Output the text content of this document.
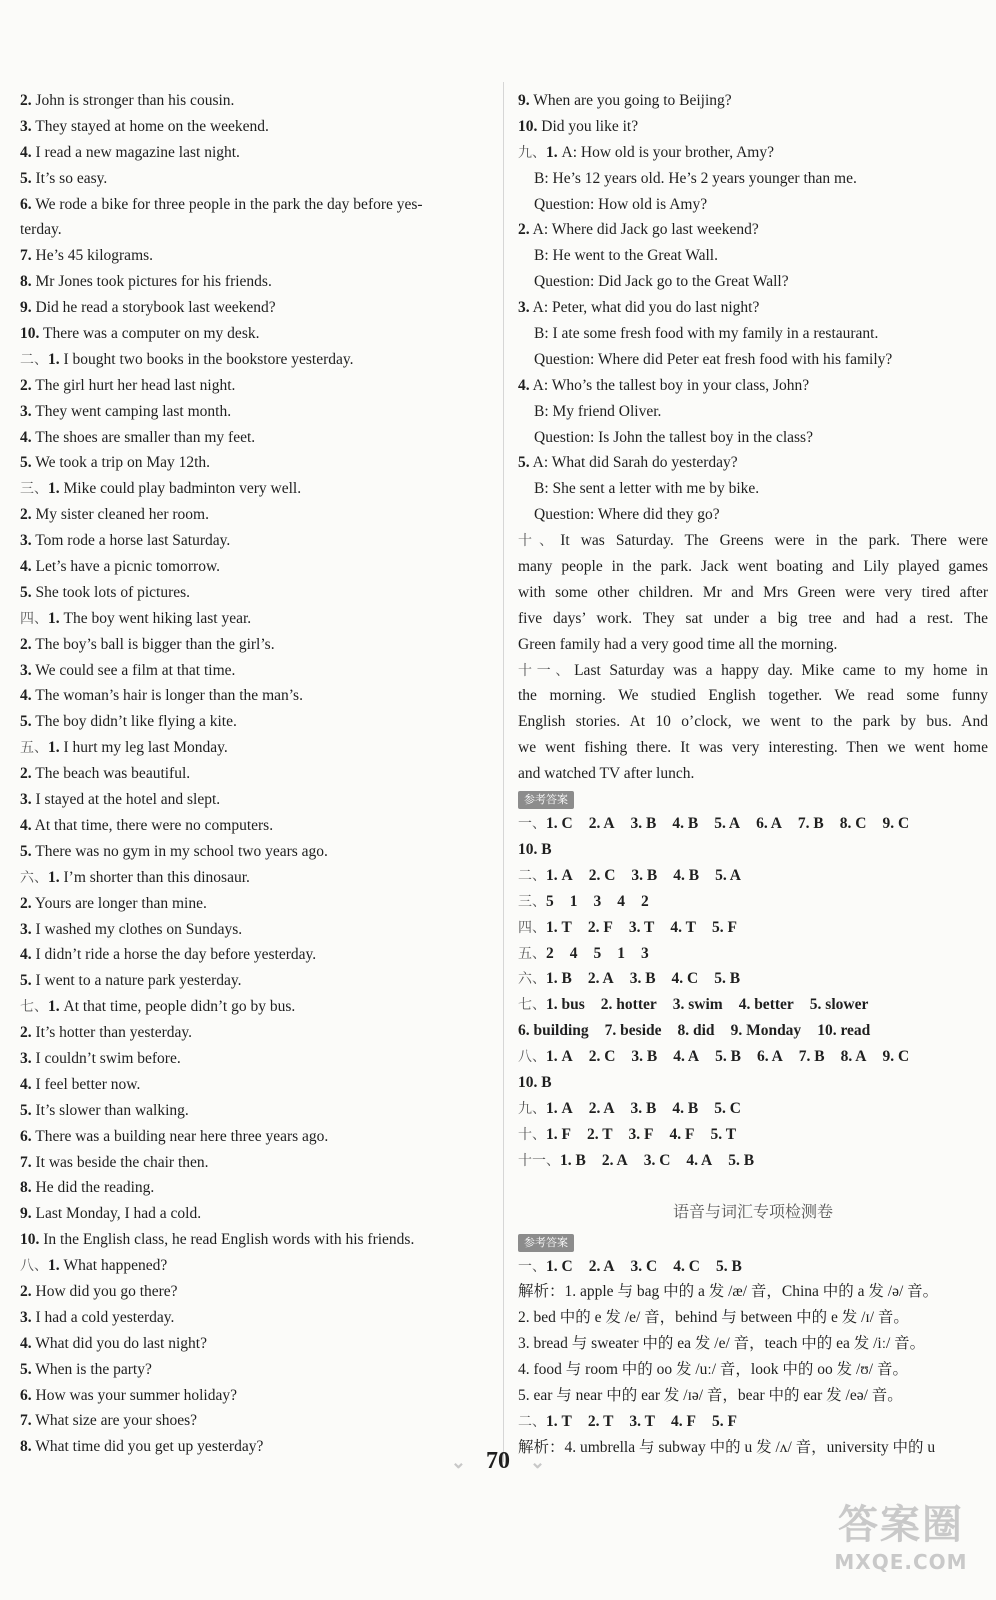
2. John is stronger than his cousin.
3. They stayed at home on the weekend.
4. I read a new magazine last night.
5. It’s so easy.
6. We rode a bike for three people in the park the day before yes-
terday.
7. He’s 45 kilograms.
8. Mr Jones took pictures for his friends.
9. Did he read a storybook last weekend?
10. There was a computer on my desk.
二、1. I bought two books in the bookstore yesterday.
2. The girl hurt her head last night.
3. They went camping last month.
4. The shoes are smaller than my feet.
5. We took a trip on May 12th.
三、1. Mike could play badminton very well.
2. My sister cleaned her room.
3. Tom rode a horse last Saturday.
4. Let’s have a picnic tomorrow.
5. She took lots of pictures.
四、1. The boy went hiking last year.
2. The boy’s ball is bigger than the girl’s.
3. We could see a film at that time.
4. The woman’s hair is longer than the man’s.
5. The boy didn’t like flying a kite.
五、1. I hurt my leg last Monday.
2. The beach was beautiful.
3. I stayed at the hotel and slept.
4. At that time, there were no computers.
5. There was no gym in my school two years ago.
六、1. I’m shorter than this dinosaur.
2. Yours are longer than mine.
3. I washed my clothes on Sundays.
4. I didn’t ride a horse the day before yesterday.
5. I went to a nature park yesterday.
七、1. At that time, people didn’t go by bus.
2. It’s hotter than yesterday.
3. I couldn’t swim before.
4. I feel better now.
5. It’s slower than walking.
6. There was a building near here three years ago.
7. It was beside the chair then.
8. He did the reading.
9. Last Monday, I had a cold.
10. In the English class, he read English words with his friends.
八、1. What happened?
2. How did you go there?
3. I had a cold yesterday.
4. What did you do last night?
5. When is the party?
6. How was your summer holiday?
7. What size are your shoes?
8. What time did you get up yesterday?
9. When are you going to Beijing?
10. Did you like it?
九、1. A: How old is your brother, Amy?
B: He’s 12 years old. He’s 2 years younger than me.
Question: How old is Amy?
2. A: Where did Jack go last weekend?
B: He went to the Great Wall.
Question: Did Jack go to the Great Wall?
3. A: Peter, what did you do last night?
B: I ate some fresh food with my family in a restaurant.
Question: Where did Peter eat fresh food with his family?
4. A: Who’s the tallest boy in your class, John?
B: My friend Oliver.
Question: Is John the tallest boy in the class?
5. A: What did Sarah do yesterday?
B: She sent a letter with me by bike.
Question: Where did they go?
十、It was Saturday. The Greens were in the park. There were
many people in the park. Jack went boating and Lily played games
with some other children. Mr and Mrs Green were very tired after
five days’ work. They sat under a big tree and had a rest. The
Green family had a very good time all the morning.
十一、Last Saturday was a happy day. Mike came to my home in
the morning. We studied English together. We read some funny
English stories. At 10 o’clock, we went to the park by bus. And
we went fishing there. It was very interesting. Then we went home
and watched TV after lunch.
参考答案
一、1. C 2. A 3. B 4. B 5. A 6. A 7. B 8. C 9. C
10. B
二、1. A 2. C 3. B 4. B 5. A
三、5 1 3 4 2
四、1. T 2. F 3. T 4. T 5. F
五、2 4 5 1 3
六、1. B 2. A 3. B 4. C 5. B
七、1. bus 2. hotter 3. swim 4. better 5. slower
6. building 7. beside 8. did 9. Monday 10. read
八、1. A 2. C 3. B 4. A 5. B 6. A 7. B 8. A 9. C
10. B
九、1. A 2. A 3. B 4. B 5. C
十、1. F 2. T 3. F 4. F 5. T
十一、1. B 2. A 3. C 4. A 5. B
语音与词汇专项检测卷
参考答案
一、1. C 2. A 3. C 4. C 5. B
解析：1. apple 与 bag 中的 a 发 /æ/ 音，China 中的 a 发 /ə/ 音。
2. bed 中的 e 发 /e/ 音，behind 与 between 中的 e 发 /ɪ/ 音。
3. bread 与 sweater 中的 ea 发 /e/ 音，teach 中的 ea 发 /iː/ 音。
4. food 与 room 中的 oo 发 /uː/ 音，look 中的 oo 发 /ʊ/ 音。
5. ear 与 near 中的 ear 发 /ɪə/ 音，bear 中的 ear 发 /eə/ 音。
二、1. T 2. T 3. T 4. F 5. F
解析：4. umbrella 与 subway 中的 u 发 /ʌ/ 音，university 中的 u
⌄ 70 ⌄
答案圈
MXQE.COM
